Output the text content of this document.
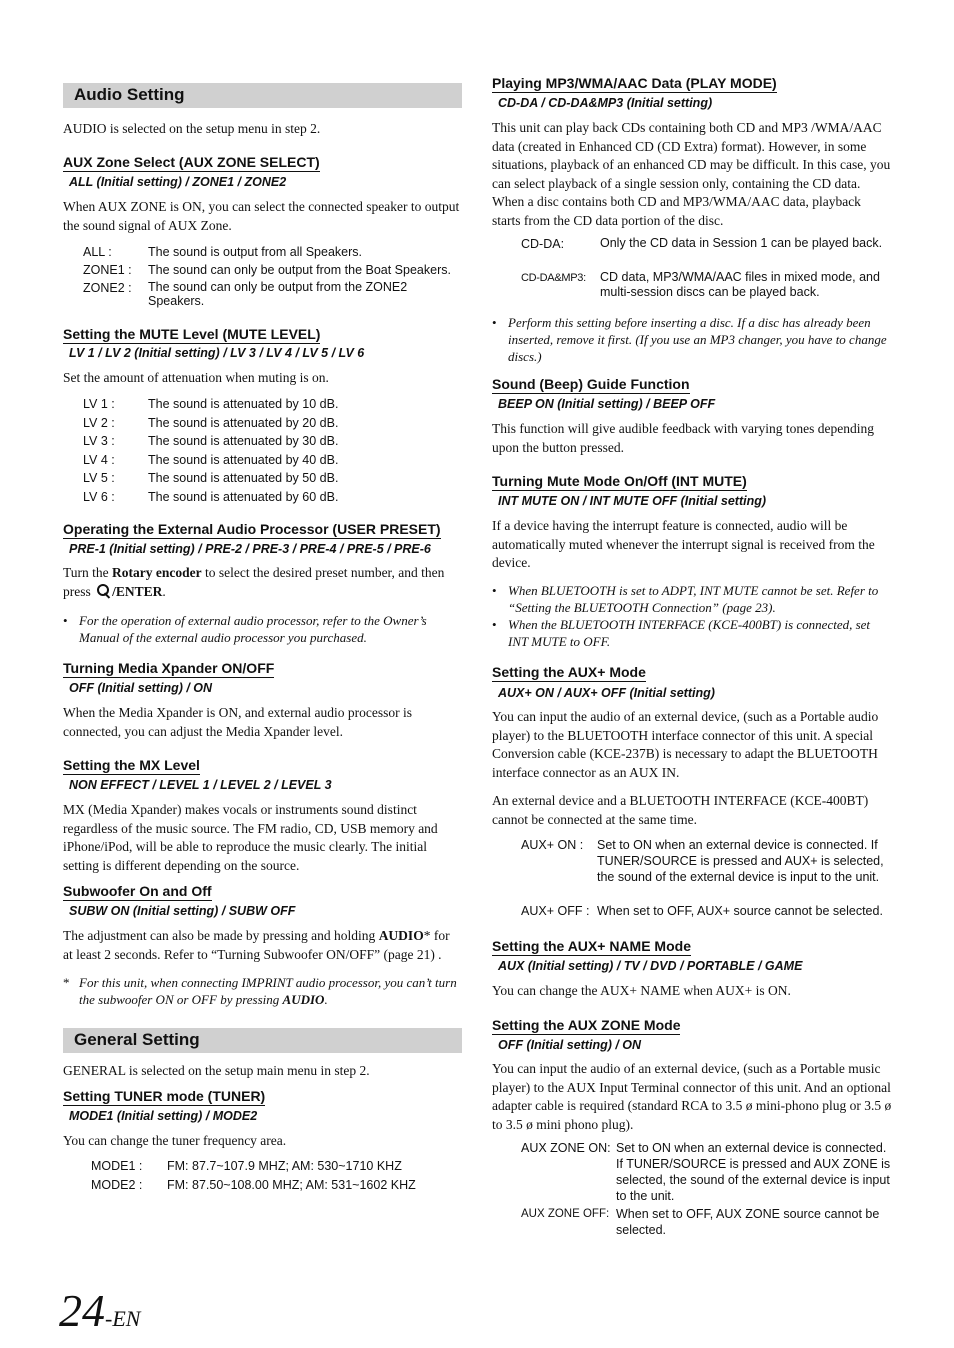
Audio Setting
AUDIO is selected on the setup menu in step 2.
AUX Zone Select (AUX ZONE SELECT)
ALL (Initial setting) / ZONE1 / ZONE2
When AUX ZONE is ON, you can select the connected speaker to output the sound signal of AUX Zone.
ALL :	The sound is output from all Speakers.
ZONE1 : The sound can only be output from the Boat Speakers.
ZONE2 : The sound can only be output from the ZONE2 Speakers.
Setting the MUTE Level (MUTE LEVEL)
LV 1 / LV 2 (Initial setting) / LV 3 / LV 4 / LV 5 / LV 6
Set the amount of attenuation when muting is on.
LV 1 :	The sound is attenuated by 10 dB.
LV 2 :	The sound is attenuated by 20 dB.
LV 3 :	The sound is attenuated by 30 dB.
LV 4 :	The sound is attenuated by 40 dB.
LV 5 :	The sound is attenuated by 50 dB.
LV 6 :	The sound is attenuated by 60 dB.
Operating the External Audio Processor (USER PRESET)
PRE-1 (Initial setting) / PRE-2 / PRE-3 / PRE-4 / PRE-5 / PRE-6
Turn the Rotary encoder to select the desired preset number, and then press
/ENTER.
• For the operation of external audio processor, refer to the Owner’s Manual of the external audio processor you purchased.
Turning Media Xpander ON/OFF
OFF (Initial setting) / ON
When the Media Xpander is ON, and external audio processor is connected, you can adjust the Media Xpander level.
Setting the MX Level
NON EFFECT / LEVEL 1 / LEVEL 2 / LEVEL 3
MX (Media Xpander) makes vocals or instruments sound distinct regardless of the music source. The FM radio, CD, USB memory and iPhone/iPod, will be able to reproduce the music clearly. The initial setting is different depending on the source.
Subwoofer On and Off
SUBW ON (Initial setting) / SUBW OFF
The adjustment can also be made by pressing and holding AUDIO* for at least 2 seconds. Refer to “Turning Subwoofer ON/OFF” (page 21) .
* For this unit, when connecting IMPRINT audio processor, you can’t turn the subwoofer ON or OFF by pressing AUDIO.
General Setting
GENERAL is selected on the setup main menu in step 2.
Setting TUNER mode (TUNER)
MODE1 (Initial setting) / MODE2
You can change the tuner frequency area.
MODE1 : FM: 87.7~107.9 MHZ; AM: 530~1710 KHZ
MODE2 : FM: 87.50~108.00 MHZ; AM: 531~1602 KHZ
Playing MP3/WMA/AAC Data (PLAY MODE)
CD-DA / CD-DA&MP3 (Initial setting)
This unit can play back CDs containing both CD and MP3 /WMA/AAC data (created in Enhanced CD (CD Extra) format). However, in some situations, playback of an enhanced CD may be difficult. In this case, you can select playback of a single session only, containing the CD data. When a disc contains both CD and MP3/WMA/AAC data, playback starts from the CD data portion of the disc.
CD-DA:	Only the CD data in Session 1 can be played back.
CD-DA&MP3: CD data, MP3/WMA/AAC files in mixed mode, and multi-session discs can be played back.
• Perform this setting before inserting a disc. If a disc has already been inserted, remove it first. (If you use an MP3 changer, you have to change discs.)
Sound (Beep) Guide Function
BEEP ON (Initial setting) / BEEP OFF
This function will give audible feedback with varying tones depending upon the button pressed.
Turning Mute Mode On/Off (INT MUTE)
INT MUTE ON / INT MUTE OFF (Initial setting)
If a device having the interrupt feature is connected, audio will be automatically muted whenever the interrupt signal is received from the device.
• When BLUETOOTH is set to ADPT, INT MUTE cannot be set. Refer to “Setting the BLUETOOTH Connection” (page 23).
• When the BLUETOOTH INTERFACE (KCE-400BT) is connected, set INT MUTE to OFF.
Setting the AUX+ Mode
AUX+ ON / AUX+ OFF (Initial setting)
You can input the audio of an external device, (such as a Portable audio player) to the BLUETOOTH interface connector of this unit. A special Conversion cable (KCE-237B) is necessary to adapt the BLUETOOTH interface connector as an AUX IN.
An external device and a BLUETOOTH INTERFACE (KCE-400BT) cannot be connected at the same time.
AUX+ ON : Set to ON when an external device is connected. If TUNER/SOURCE is pressed and AUX+ is selected, the sound of the external device is input to the unit.
AUX+ OFF : When set to OFF, AUX+ source cannot be selected.
Setting the AUX+ NAME Mode
AUX (Initial setting) / TV / DVD / PORTABLE / GAME
You can change the AUX+ NAME when AUX+ is ON.
Setting the AUX ZONE Mode
OFF (Initial setting) / ON
You can input the audio of an external device, (such as a Portable music player) to the AUX Input Terminal connector of this unit. And an optional adapter cable is required (standard RCA to 3.5 ø mini-phono plug or 3.5 ø to 3.5 ø mini phono plug).
AUX ZONE ON: Set to ON when an external device is connected. If TUNER/SOURCE is pressed and AUX ZONE is selected, the sound of the external device is input to the unit.
AUX ZONE OFF: When set to OFF, AUX ZONE source cannot be selected.
24-EN
